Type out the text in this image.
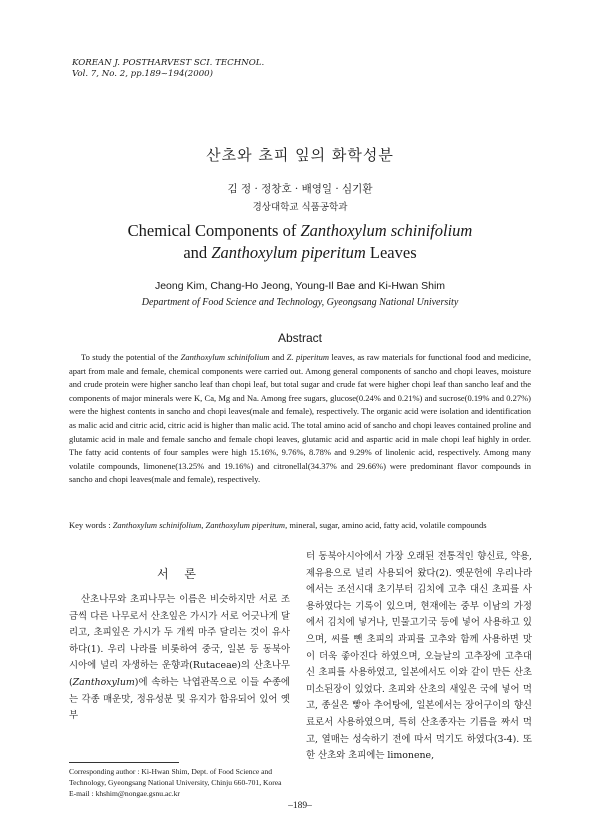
KOREAN J. POSTHARVEST SCI. TECHNOL.
Vol. 7, No. 2, pp.189~194(2000)
산초와 초피 잎의 화학성분
김 정 · 정창호 · 배영일 · 심기환
경상대학교 식품공학과
Chemical Components of Zanthoxylum schinifolium
and Zanthoxylum piperitum Leaves
Jeong Kim, Chang-Ho Jeong, Young-Il Bae and Ki-Hwan Shim
Department of Food Science and Technology, Gyeongsang National University
Abstract

To study the potential of the Zanthoxylum schinifolium and Z. piperitum leaves, as raw materials for functional food and medicine, apart from male and female, chemical components were carried out. Among general components of sancho and chopi leaves, moisture and crude protein were higher sancho leaf than chopi leaf, but total sugar and crude fat were higher chopi leaf than sancho leaf and the components of major minerals were K, Ca, Mg and Na. Among free sugars, glucose(0.24% and 0.21%) and sucrose(0.19% and 0.27%) were the highest contents in sancho and chopi leaves(male and female), respectively. The organic acid were isolation and identification as malic acid and citric acid, citric acid is higher than malic acid. The total amino acid of sancho and chopi leaves contained proline and glutamic acid in male and female sancho and female chopi leaves, glutamic acid and aspartic acid in male chopi leaf highly in order. The fatty acid contents of four samples were high 15.16%, 9.76%, 8.78% and 9.29% of linolenic acid, respectively. Among many volatile compounds, limonene(13.25% and 19.16%) and citronellal(34.37% and 29.66%) were predominant flavor compounds in sancho and chopi leaves(male and female), respectively.

Key words : Zanthoxylum schinifolium, Zanthoxylum piperitum, mineral, sugar, amino acid, fatty acid, volatile compounds
서 론

산초나무와 초피나무는 이름은 비슷하지만 서로 조금씩 다른 나무로서 산초잎은 가시가 서로 어긋나게 달리고, 초피잎은 가시가 두 개씩 마주 달리는 것이 유사하다(1). 우리 나라를 비롯하여 중국, 일본 등 동북아시아에 널리 자생하는 운향과(Rutaceae)의 산초나무(Zanthoxylum)에 속하는 낙엽관목으로 이들 수종에는 각종 매운맛, 정유성분 및 유지가 함유되어 있어 옛부

터 동북아시아에서 가장 오래된 전통적인 향신료, 약용, 제유용으로 널리 사용되어 왔다(2). 옛문헌에 우리나라에서는 조선시대 초기부터 김치에 고추 대신 초피를 사용하였다는 기록이 있으며, 현재에는 중부 이남의 가정에서 김치에 넣거나, 민물고기국 등에 넣어 사용하고 있으며, 씨를 뺀 초피의 과피를 고추와 함께 사용하면 맛이 더욱 좋아진다 하였으며, 오늘날의 고추장에 고추대신 초피를 사용하였고, 일본에서도 이와 같이 만든 산초미소된장이 있었다. 초피와 산초의 새잎은 국에 넣어 먹고, 종실은 빻아 추어탕에, 일본에서는 장어구이의 향신료로서 사용하였으며, 특히 산초종자는 기름을 짜서 먹고, 열매는 성숙하기 전에 따서 먹기도 하였다(3-4). 또한 산초와 초피에는 limonene,

Corresponding author : Ki-Hwan Shim, Dept. of Food Science and Technology, Gyeongsang National University, Chinju 660-701, Korea
E-mail : khshim@nongae.gsnu.ac.kr
–189–
